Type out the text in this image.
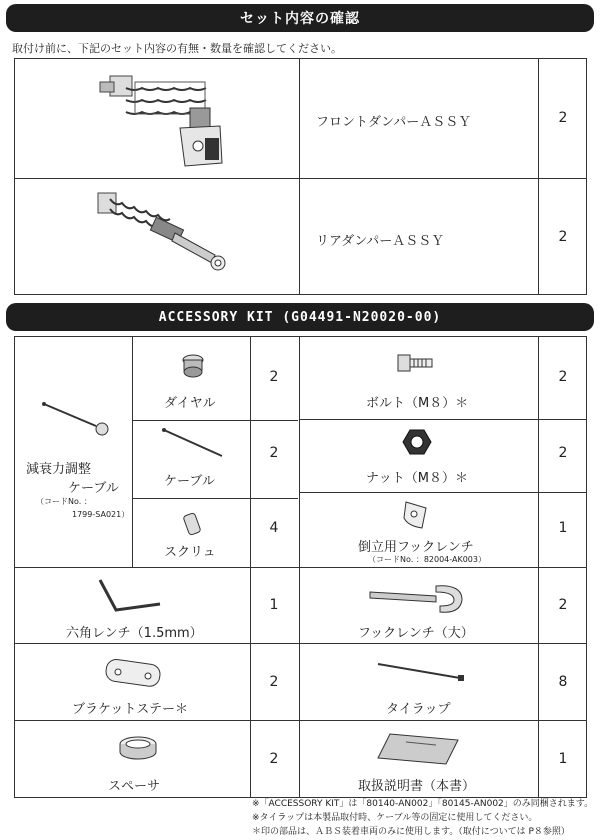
セット内容の確認
取付け前に、下記のセット内容の有無・数量を確認してください。
フロントダンパーＡＳＳＹ	2
リアダンパーＡＳＳＹ	2
ACCESSORY KIT (G04491-N20020-00)
減衰力調整
ケーブル
（コードNo. ：
1799-SA021）
ダイヤル
2
ケーブル
2
スクリュ
4
ボルト（M８）＊
2
ナット（M８）＊
2
倒立用フックレンチ
（コードNo. ：82004-AK003）
1
六角レンチ（1.5mm）
1
フックレンチ（大）
2
ブラケットステー＊
2
タイラップ
8
スペーサ
2
取扱説明書（本書）
1
※「ACCESSORY KIT」は「80140-AN002」「80145-AN002」のみ同梱されます。
※タイラップは本製品取付時、ケーブル等の固定に使用してください。
＊印の部品は、ＡＢＳ装着車両のみに使用します。（取付については P８参照）
